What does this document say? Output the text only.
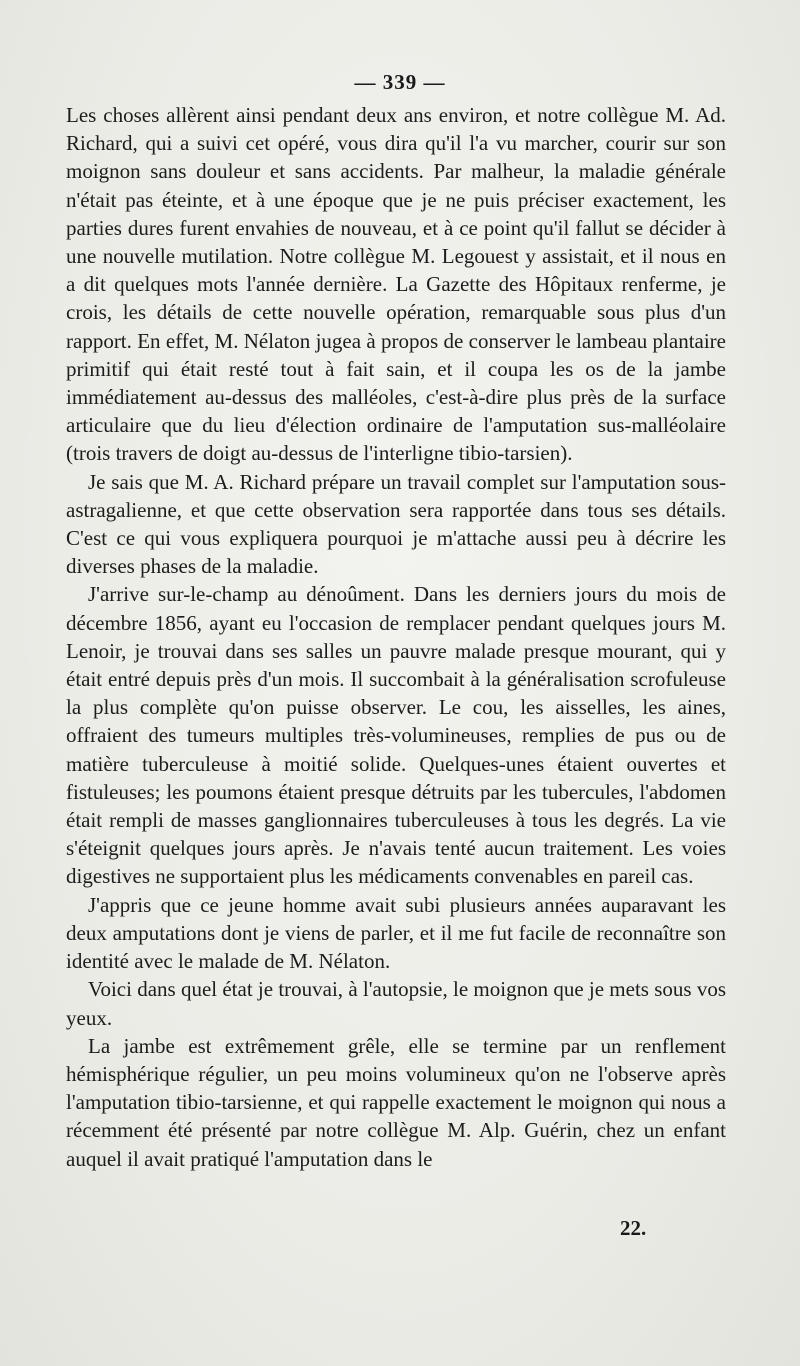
— 339 —

Les choses allèrent ainsi pendant deux ans environ, et notre collègue M. Ad. Richard, qui a suivi cet opéré, vous dira qu'il l'a vu marcher, courir sur son moignon sans douleur et sans accidents. Par malheur, la maladie générale n'était pas éteinte, et à une époque que je ne puis préciser exactement, les parties dures furent envahies de nouveau, et à ce point qu'il fallut se décider à une nouvelle mutilation. Notre collègue M. Legouest y assistait, et il nous en a dit quelques mots l'année dernière. La Gazette des Hôpitaux renferme, je crois, les détails de cette nouvelle opération, remarquable sous plus d'un rapport. En effet, M. Nélaton jugea à propos de conserver le lambeau plantaire primitif qui était resté tout à fait sain, et il coupa les os de la jambe immédiatement au-dessus des malléoles, c'est-à-dire plus près de la surface articulaire que du lieu d'élection ordinaire de l'amputation sus-malléolaire (trois travers de doigt au-dessus de l'interligne tibio-tarsien).

Je sais que M. A. Richard prépare un travail complet sur l'amputation sous-astragalienne, et que cette observation sera rapportée dans tous ses détails. C'est ce qui vous expliquera pourquoi je m'attache aussi peu à décrire les diverses phases de la maladie.

J'arrive sur-le-champ au dénoûment. Dans les derniers jours du mois de décembre 1856, ayant eu l'occasion de remplacer pendant quelques jours M. Lenoir, je trouvai dans ses salles un pauvre malade presque mourant, qui y était entré depuis près d'un mois. Il succombait à la généralisation scrofuleuse la plus complète qu'on puisse observer. Le cou, les aisselles, les aines, offraient des tumeurs multiples très-volumineuses, remplies de pus ou de matière tuberculeuse à moitié solide. Quelques-unes étaient ouvertes et fistuleuses; les poumons étaient presque détruits par les tubercules, l'abdomen était rempli de masses ganglionnaires tuberculeuses à tous les degrés. La vie s'éteignit quelques jours après. Je n'avais tenté aucun traitement. Les voies digestives ne supportaient plus les médicaments convenables en pareil cas.

J'appris que ce jeune homme avait subi plusieurs années auparavant les deux amputations dont je viens de parler, et il me fut facile de reconnaître son identité avec le malade de M. Nélaton.

Voici dans quel état je trouvai, à l'autopsie, le moignon que je mets sous vos yeux.

La jambe est extrêmement grêle, elle se termine par un renflement hémisphérique régulier, un peu moins volumineux qu'on ne l'observe après l'amputation tibio-tarsienne, et qui rappelle exactement le moignon qui nous a récemment été présenté par notre collègue M. Alp. Guérin, chez un enfant auquel il avait pratiqué l'amputation dans le

22.
